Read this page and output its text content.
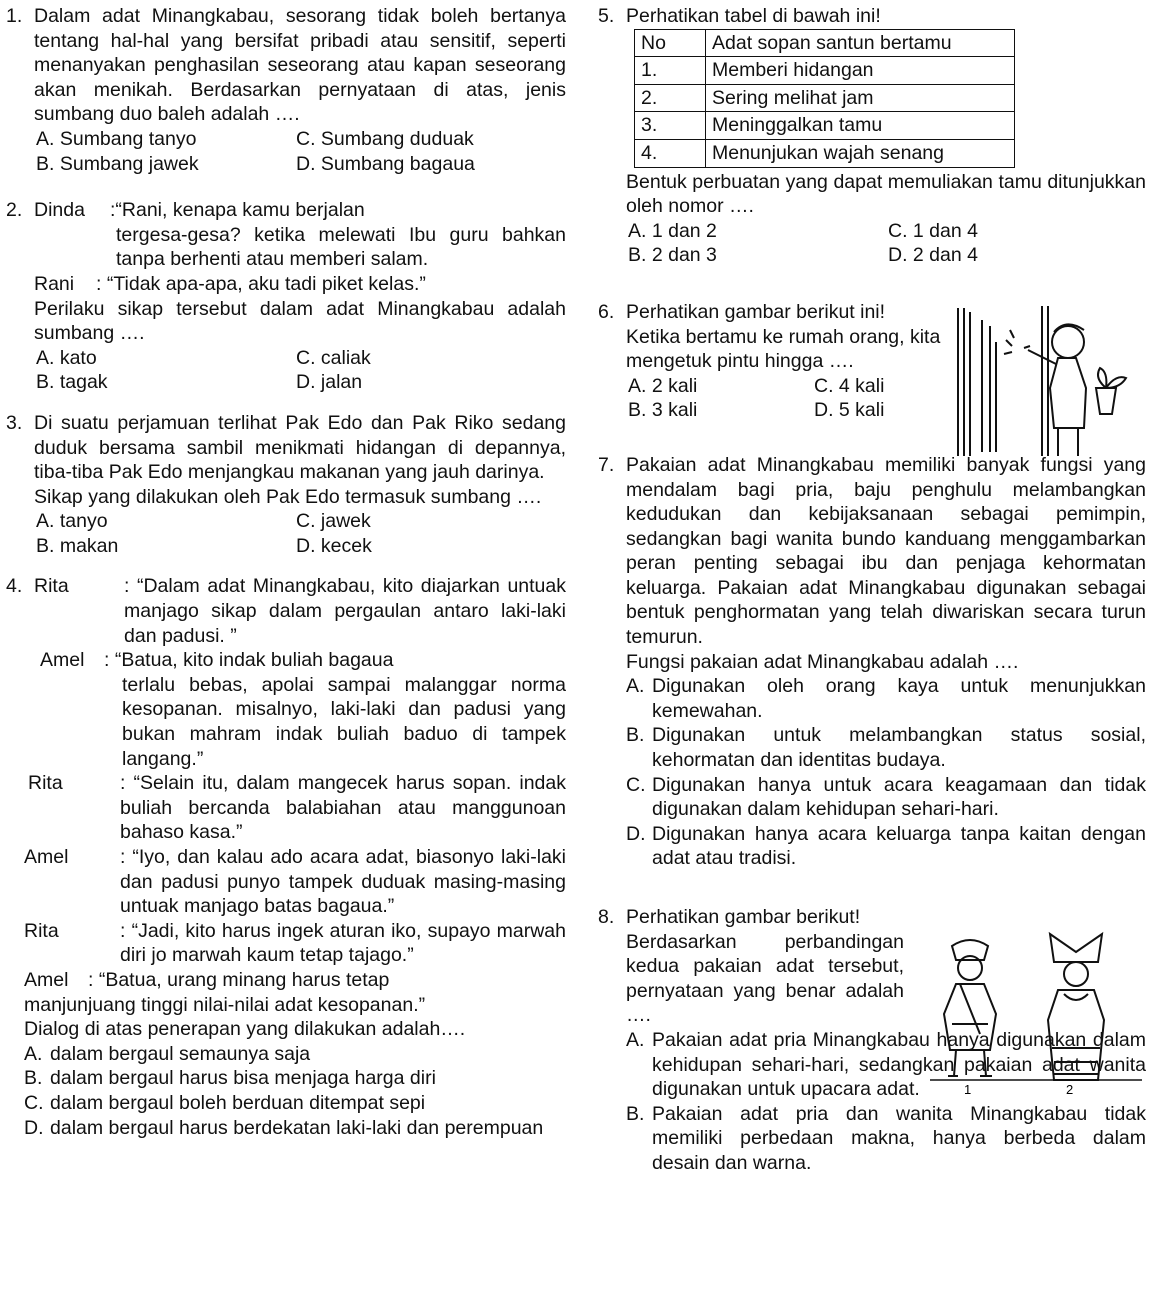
1. Dalam adat Minangkabau, sesorang tidak boleh bertanya tentang hal-hal yang bersifat pribadi atau sensitif, seperti menanyakan penghasilan seseorang atau kapan seseorang akan menikah. Berdasarkan pernyataan di atas, jenis sumbang duo baleh adalah ….
A. Sumbang tanyo	C. Sumbang duduak
B. Sumbang jawek	D. Sumbang bagaua
2. Dinda	:“Rani, kenapa kamu berjalan
tergesa-gesa? ketika melewati Ibu guru bahkan tanpa berhenti atau memberi salam.
Rani	: “Tidak apa-apa, aku tadi piket kelas.”
Perilaku sikap tersebut dalam adat Minangkabau adalah sumbang ….
A. kato	C. caliak
B. tagak	D. jalan
3. Di suatu perjamuan terlihat Pak Edo dan Pak Riko sedang duduk bersama sambil menikmati hidangan di depannya, tiba-tiba Pak Edo menjangkau makanan yang jauh darinya.
Sikap yang dilakukan oleh Pak Edo termasuk sumbang ….
A. tanyo	C. jawek
B. makan	D. kecek
4. Rita	: “Dalam adat Minangkabau, kito diajarkan untuak manjago sikap dalam pergaulan antaro laki-laki dan padusi. ”
Amel	: “Batua, kito indak buliah bagaua
terlalu bebas, apolai sampai malanggar norma kesopanan. misalnyo, laki-laki dan padusi yang bukan mahram indak buliah baduo di tampek langang.”
Rita	: “Selain itu, dalam mangecek harus sopan. indak buliah bercanda balabiahan atau manggunoan bahaso kasa.”
Amel	: “Iyo, dan kalau ado acara adat, biasonyo laki-laki dan padusi punyo tampek duduak masing-masing untuak manjago batas bagaua.”
Rita	: “Jadi, kito harus ingek aturan iko, supayo marwah diri jo marwah kaum tetap tajago.”
Amel	: “Batua, urang minang harus tetap
manjunjuang tinggi nilai-nilai adat kesopanan.”
Dialog di atas penerapan yang dilakukan adalah….
A. dalam bergaul semaunya saja
B. dalam bergaul harus bisa menjaga harga diri
C. dalam bergaul boleh berduan ditempat sepi
D. dalam bergaul harus berdekatan laki-laki dan perempuan
5. Perhatikan tabel di bawah ini!
No	Adat sopan santun bertamu
1.	Memberi hidangan
2.	Sering melihat jam
3.	Meninggalkan tamu
4.	Menunjukan wajah senang
Bentuk perbuatan yang dapat memuliakan tamu ditunjukkan oleh nomor ….
A. 1 dan 2	C. 1 dan 4
B. 2 dan 3	D. 2 dan 4
6. Perhatikan gambar berikut ini!
Ketika bertamu ke rumah orang, kita mengetuk pintu hingga ….
A. 2 kali	C. 4 kali
B. 3 kali	D. 5 kali
7. Pakaian adat Minangkabau memiliki banyak fungsi yang mendalam bagi pria, baju penghulu melambangkan kedudukan dan kebijaksanaan sebagai pemimpin, sedangkan bagi wanita bundo kanduang menggambarkan peran penting sebagai ibu dan penjaga kehormatan keluarga. Pakaian adat Minangkabau digunakan sebagai bentuk penghormatan yang telah diwariskan secara turun temurun.
Fungsi pakaian adat Minangkabau adalah ….
A. Digunakan oleh orang kaya untuk menunjukkan kemewahan.
B. Digunakan untuk melambangkan status sosial, kehormatan dan identitas budaya.
C. Digunakan hanya untuk acara keagamaan dan tidak digunakan dalam kehidupan sehari-hari.
D. Digunakan hanya acara keluarga tanpa kaitan dengan adat atau tradisi.
8. Perhatikan gambar berikut!
Berdasarkan perbandingan kedua pakaian adat tersebut, pernyataan yang benar adalah ….
A. Pakaian adat pria Minangkabau hanya digunakan dalam kehidupan sehari-hari, sedangkan pakaian adat wanita digunakan untuk upacara adat.
B. Pakaian adat pria dan wanita Minangkabau tidak memiliki perbedaan makna, hanya berbeda dalam desain dan warna.
1	2
